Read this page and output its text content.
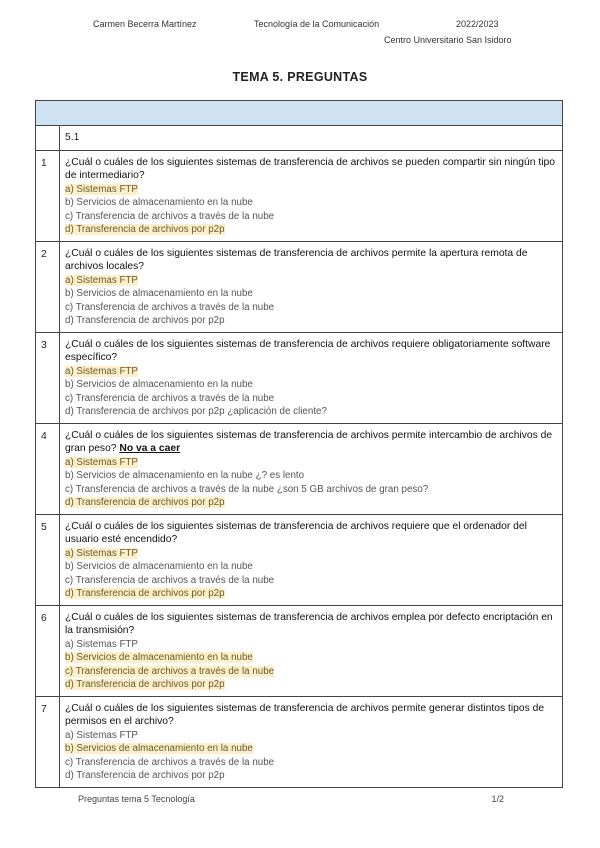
Carmen Becerra Martínez	Tecnología de la Comunicación	2022/2023
Centro Universitario San Isidoro
TEMA 5. PREGUNTAS

	5.1
1	¿Cuál o cuáles de los siguientes sistemas de transferencia de archivos se pueden compartir sin ningún tipo de intermediario?
a) Sistemas FTP
b) Servicios de almacenamiento en la nube
c) Transferencia de archivos a través de la nube
d) Transferencia de archivos por p2p

2	¿Cuál o cuáles de los siguientes sistemas de transferencia de archivos permite la apertura remota de archivos locales?
a) Sistemas FTP
b) Servicios de almacenamiento en la nube
c) Transferencia de archivos a través de la nube
d) Transferencia de archivos por p2p

3	¿Cuál o cuáles de los siguientes sistemas de transferencia de archivos requiere obligatoriamente software específico?
a) Sistemas FTP
b) Servicios de almacenamiento en la nube
c) Transferencia de archivos a través de la nube
d) Transferencia de archivos por p2p ¿aplicación de cliente?

4	¿Cuál o cuáles de los siguientes sistemas de transferencia de archivos permite intercambio de archivos de gran peso? No va a caer
a) Sistemas FTP
b) Servicios de almacenamiento en la nube ¿? es lento
c) Transferencia de archivos a través de la nube ¿son 5 GB archivos de gran peso?
d) Transferencia de archivos por p2p

5	¿Cuál o cuáles de los siguientes sistemas de transferencia de archivos requiere que el ordenador del usuario esté encendido?
a) Sistemas FTP
b) Servicios de almacenamiento en la nube
c) Transferencia de archivos a través de la nube
d) Transferencia de archivos por p2p

6	¿Cuál o cuáles de los siguientes sistemas de transferencia de archivos emplea por defecto encriptación en la transmisión?
a) Sistemas FTP
b) Servicios de almacenamiento en la nube
c) Transferencia de archivos a través de la nube
d) Transferencia de archivos por p2p

7	¿Cuál o cuáles de los siguientes sistemas de transferencia de archivos permite generar distintos tipos de permisos en el archivo?
a) Sistemas FTP
b) Servicios de almacenamiento en la nube
c) Transferencia de archivos a través de la nube
d) Transferencia de archivos por p2p
Preguntas tema 5 Tecnología	1/2
